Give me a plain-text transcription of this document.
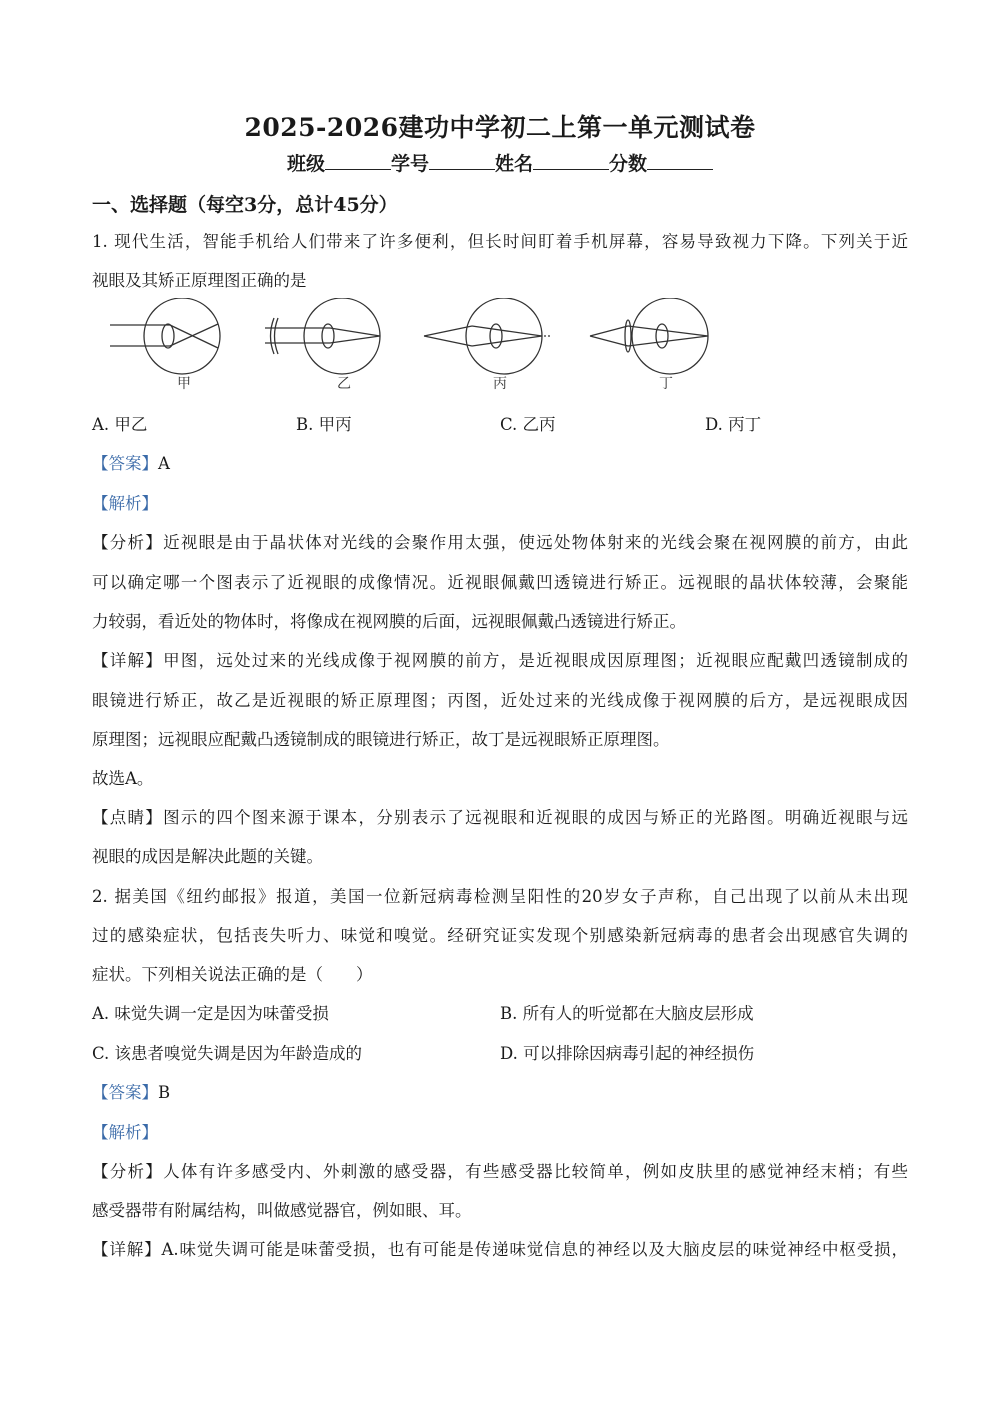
2025-2026建功中学初二上第一单元测试卷
班级	学号	姓名	分数
一、选择题（每空3分，总计45分）
1. 现代生活，智能手机给人们带来了许多便利，但长时间盯着手机屏幕，容易导致视力下降。下列关于近
视眼及其矫正原理图正确的是
甲	乙	丙	丁
A. 甲乙	B. 甲丙	C. 乙丙	D. 丙丁
【答案】A
【解析】
【分析】近视眼是由于晶状体对光线的会聚作用太强，使远处物体射来的光线会聚在视网膜的前方，由此
可以确定哪一个图表示了近视眼的成像情况。近视眼佩戴凹透镜进行矫正。远视眼的晶状体较薄，会聚能
力较弱，看近处的物体时，将像成在视网膜的后面，远视眼佩戴凸透镜进行矫正。
【详解】甲图，远处过来的光线成像于视网膜的前方，是近视眼成因原理图；近视眼应配戴凹透镜制成的
眼镜进行矫正，故乙是近视眼的矫正原理图；丙图，近处过来的光线成像于视网膜的后方，是远视眼成因
原理图；远视眼应配戴凸透镜制成的眼镜进行矫正，故丁是远视眼矫正原理图。
故选A。
【点睛】图示的四个图来源于课本，分别表示了远视眼和近视眼的成因与矫正的光路图。明确近视眼与远
视眼的成因是解决此题的关键。
2. 据美国《纽约邮报》报道，美国一位新冠病毒检测呈阳性的20岁女子声称，自己出现了以前从未出现
过的感染症状，包括丧失听力、味觉和嗅觉。经研究证实发现个别感染新冠病毒的患者会出现感官失调的
症状。下列相关说法正确的是（　　）
A. 味觉失调一定是因为味蕾受损	B. 所有人的听觉都在大脑皮层形成
C. 该患者嗅觉失调是因为年龄造成的	D. 可以排除因病毒引起的神经损伤
【答案】B
【解析】
【分析】人体有许多感受内、外刺激的感受器，有些感受器比较简单，例如皮肤里的感觉神经末梢；有些
感受器带有附属结构，叫做感觉器官，例如眼、耳。
【详解】A.味觉失调可能是味蕾受损，也有可能是传递味觉信息的神经以及大脑皮层的味觉神经中枢受损，
